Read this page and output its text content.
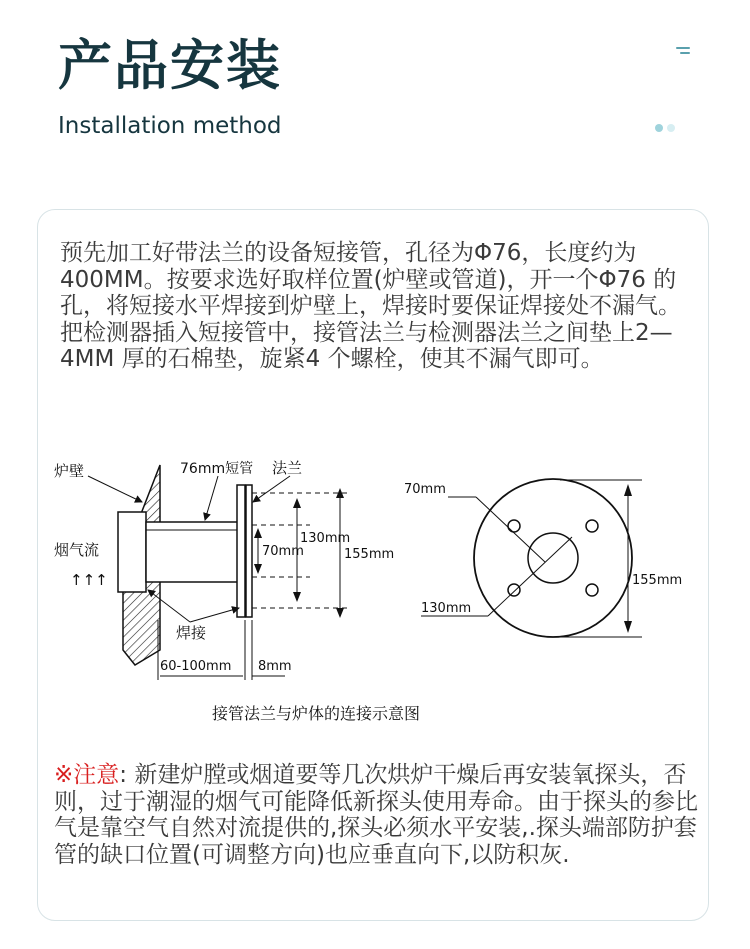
产品安装
Installation method

预先加工好带法兰的设备短接管，孔径为Φ76，长度约为400MM。按要求选好取样位置(炉壁或管道)，开一个Φ76 的孔，将短接水平焊接到炉壁上，焊接时要保证焊接处不漏气。把检测器插入短接管中，接管法兰与检测器法兰之间垫上2—4MM 厚的石棉垫，旋紧4 个螺栓，使其不漏气即可。

炉壁	76mm短管 法兰
烟气流
↑↑↑
焊接
130mm
70mm	155mm
60-100mm 8mm
70mm
130mm
155mm
接管法兰与炉体的连接示意图

※注意: 新建炉膛或烟道要等几次烘炉干燥后再安装氧探头，否则，过于潮湿的烟气可能降低新探头使用寿命。由于探头的参比气是靠空气自然对流提供的,探头必须水平安装,.探头端部防护套管的缺口位置(可调整方向)也应垂直向下,以防积灰.
